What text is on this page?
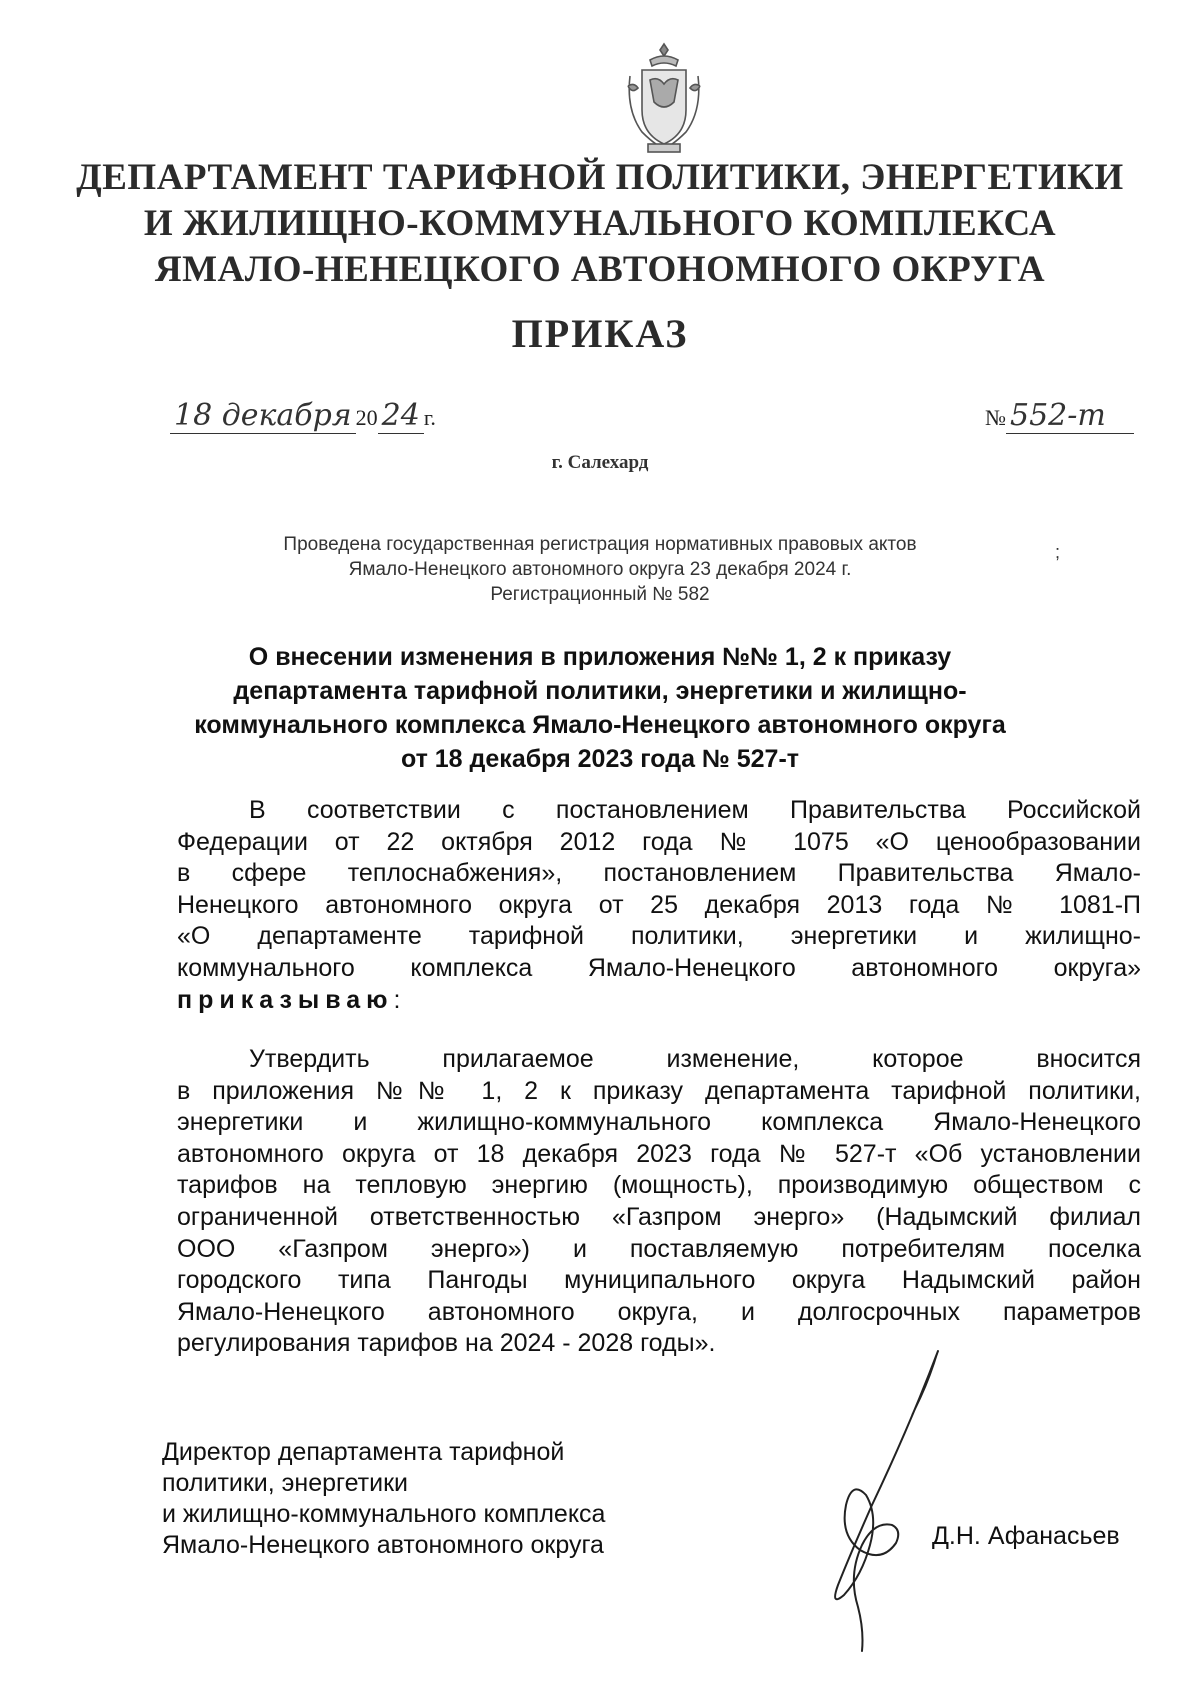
ДЕПАРТАМЕНТ ТАРИФНОЙ ПОЛИТИКИ, ЭНЕРГЕТИКИ
И ЖИЛИЩНО-КОММУНАЛЬНОГО КОМПЛЕКСА
ЯМАЛО-НЕНЕЦКОГО АВТОНОМНОГО ОКРУГА
ПРИКАЗ
18 декабря 20 24 г.	№ 552-т
г. Салехард
Проведена государственная регистрация нормативных правовых актов
Ямало-Ненецкого автономного округа 23 декабря 2024 г.
Регистрационный № 582
;
О внесении изменения в приложения №№ 1, 2 к приказу
департамента тарифной политики, энергетики и жилищно-
коммунального комплекса Ямало-Ненецкого автономного округа
от 18 декабря 2023 года № 527-т
В соответствии с постановлением Правительства Российской
Федерации от 22 октября 2012 года № 1075 «О ценообразовании
в сфере теплоснабжения», постановлением Правительства Ямало-
Ненецкого автономного округа от 25 декабря 2013 года № 1081-П
«О департаменте тарифной политики, энергетики и жилищно-
коммунального комплекса Ямало-Ненецкого автономного округа»
приказываю:
Утвердить прилагаемое изменение, которое вносится
в приложения №№ 1, 2 к приказу департамента тарифной политики,
энергетики и жилищно-коммунального комплекса Ямало-Ненецкого
автономного округа от 18 декабря 2023 года № 527-т «Об установлении
тарифов на тепловую энергию (мощность), производимую обществом с
ограниченной ответственностью «Газпром энерго» (Надымский филиал
ООО «Газпром энерго») и поставляемую потребителям поселка
городского типа Пангоды муниципального округа Надымский район
Ямало-Ненецкого автономного округа, и долгосрочных параметров
регулирования тарифов на 2024 - 2028 годы».
Директор департамента тарифной
политики, энергетики
и жилищно-коммунального комплекса
Ямало-Ненецкого автономного округа	Д.Н. Афанасьев
